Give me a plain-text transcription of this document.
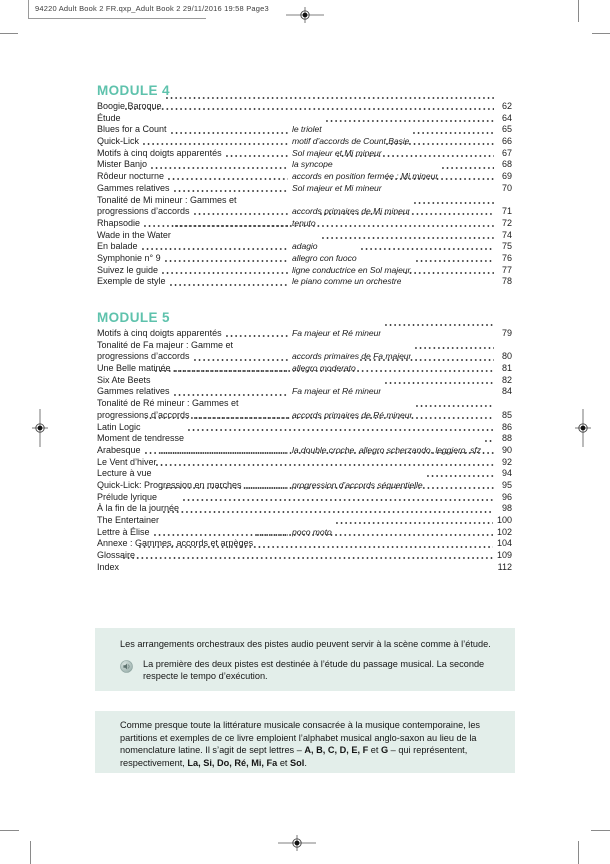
94220 Adult Book 2 FR.qxp_Adult Book 2 29/11/2016 19:58 Page3
MODULE 4
Boogie Baroque	62
Étude	64
Blues for a Count	le triolet	65
Quick-Lick	motif d’accords de Count Basie	66
Motifs à cinq doigts apparentés	Sol majeur et Mi mineur	67
Mister Banjo	la syncope	68
Rôdeur nocturne	accords en position fermée : Mi mineur	69
Gammes relatives	Sol majeur et Mi mineur	70
Tonalité de Mi mineur : Gammes et
progressions d’accords	accords primaires de Mi mineur	71
Rhapsodie	tenuto	72
Wade in the Water	74
En balade	adagio	75
Symphonie n° 9	allegro con fuoco	76
Suivez le guide	ligne conductrice en Sol majeur.	77
Exemple de style	le piano comme un orchestre	78
MODULE 5
Motifs à cinq doigts apparentés	Fa majeur et Ré mineur	79
Tonalité de Fa majeur : Gamme et
progressions d’accords	accords primaires de Fa majeur	80
Une Belle matinée	allegro moderato	81
Six Ate Beets	82
Gammes relatives	Fa majeur et Ré mineur	84
Tonalité de Ré mineur : Gammes et
progressions d’accords	accords primaires de Ré mineur	85
Latin Logic	86
Moment de tendresse	88
Arabesque	la double croche, allegro scherzando, leggiero, sfz	90
Le Vent d’hiver	92
Lecture à vue	94
Quick-Lick: Progression en marches	progression d’accords séquentielle	95
Prélude lyrique	96
À la fin de la journée	98
The Entertainer	100
Lettre à Élise	poco moto	102
Annexe : Gammes, accords et arpèges	104
Glossaire	109
Index	112
Les arrangements orchestraux des pistes audio peuvent servir à la scène comme à l’étude.
La première des deux pistes est destinée à l’étude du passage musical. La seconde respecte le tempo d’exécution.
Comme presque toute la littérature musicale consacrée à la musique contemporaine, les partitions et exemples de ce livre emploient l’alphabet musical anglo-saxon au lieu de la nomenclature latine. Il s’agit de sept lettres – A, B, C, D, E, F et G – qui représentent, respectivement, La, Si, Do, Ré, Mi, Fa et Sol.
